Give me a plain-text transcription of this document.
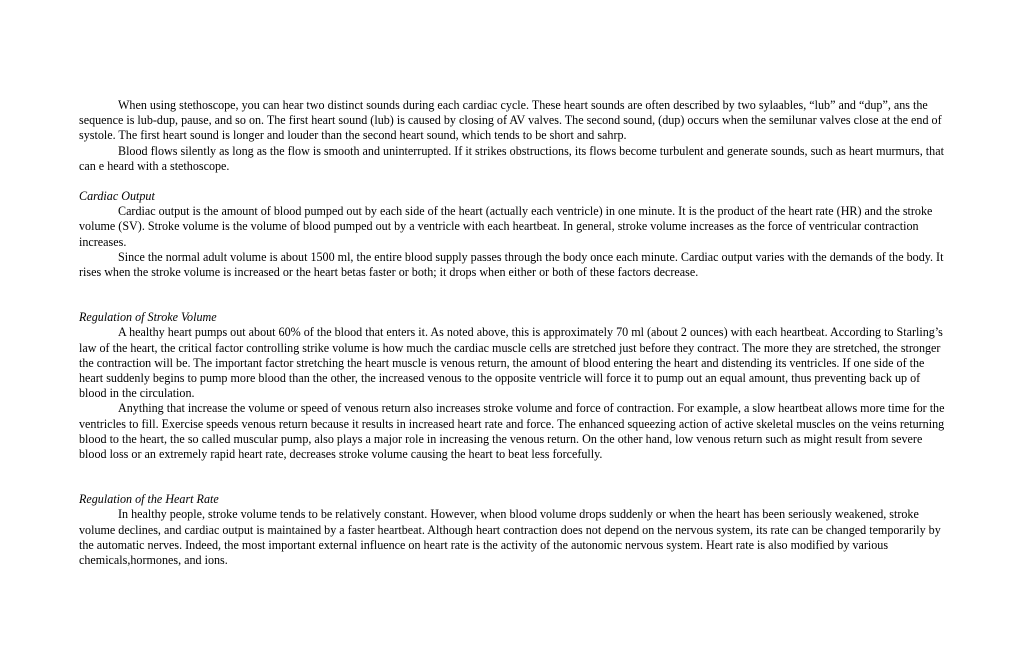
When using stethoscope, you can hear two distinct sounds during each cardiac cycle. These heart sounds are often described by two sylaables, “lub” and “dup”, ans the sequence is lub-dup, pause, and so on. The first heart sound (lub) is caused by closing of AV valves. The second sound, (dup) occurs when the semilunar valves close at the end of systole. The first heart sound is longer and louder than the second heart sound, which tends to be short and sahrp.

Blood flows silently as long as the flow is smooth and uninterrupted. If it strikes obstructions, its flows become turbulent and generate sounds, such as heart murmurs, that can e heard with a stethoscope.

Cardiac Output

Cardiac output is the amount of blood pumped out by each side of the heart (actually each ventricle) in one minute. It is the product of the heart rate (HR) and the stroke volume (SV). Stroke volume is the volume of blood pumped out by a ventricle with each heartbeat. In general, stroke volume increases as the force of ventricular contraction increases.

Since the normal adult volume is about 1500 ml, the entire blood supply passes through the body once each minute. Cardiac output varies with the demands of the body. It rises when the stroke volume is increased or the heart betas faster or both; it drops when either or both of these factors decrease.

Regulation of Stroke Volume

A healthy heart pumps out about 60% of the blood that enters it. As noted above, this is approximately 70 ml (about 2 ounces) with each heartbeat. According to Starling’s law of the heart, the critical factor controlling strike volume is how much the cardiac muscle cells are stretched just before they contract. The more they are stretched, the stronger the contraction will be. The important factor stretching the heart muscle is venous return, the amount of blood entering the heart and distending its ventricles. If one side of the heart suddenly begins to pump more blood than the other, the increased venous to the opposite ventricle will force it to pump out an equal amount, thus preventing back up of blood in the circulation.

Anything that increase the volume or speed of venous return also increases stroke volume and force of contraction. For example, a slow heartbeat allows more time for the ventricles to fill. Exercise speeds venous return because it results in increased heart rate and force. The enhanced squeezing action of active skeletal muscles on the veins returning blood to the heart, the so called muscular pump, also plays a major role in increasing the venous return. On the other hand, low venous return such as might result from severe blood loss or an extremely rapid heart rate, decreases stroke volume causing the heart to beat less forcefully.

Regulation of the Heart Rate

In healthy people, stroke volume tends to be relatively constant. However, when blood volume drops suddenly or when the heart has been seriously weakened, stroke volume declines, and cardiac output is maintained by a faster heartbeat. Although heart contraction does not depend on the nervous system, its rate can be changed temporarily by the automatic nerves. Indeed, the most important external influence on heart rate is the activity of the autonomic nervous system. Heart rate is also modified by various chemicals,hormones, and ions.
